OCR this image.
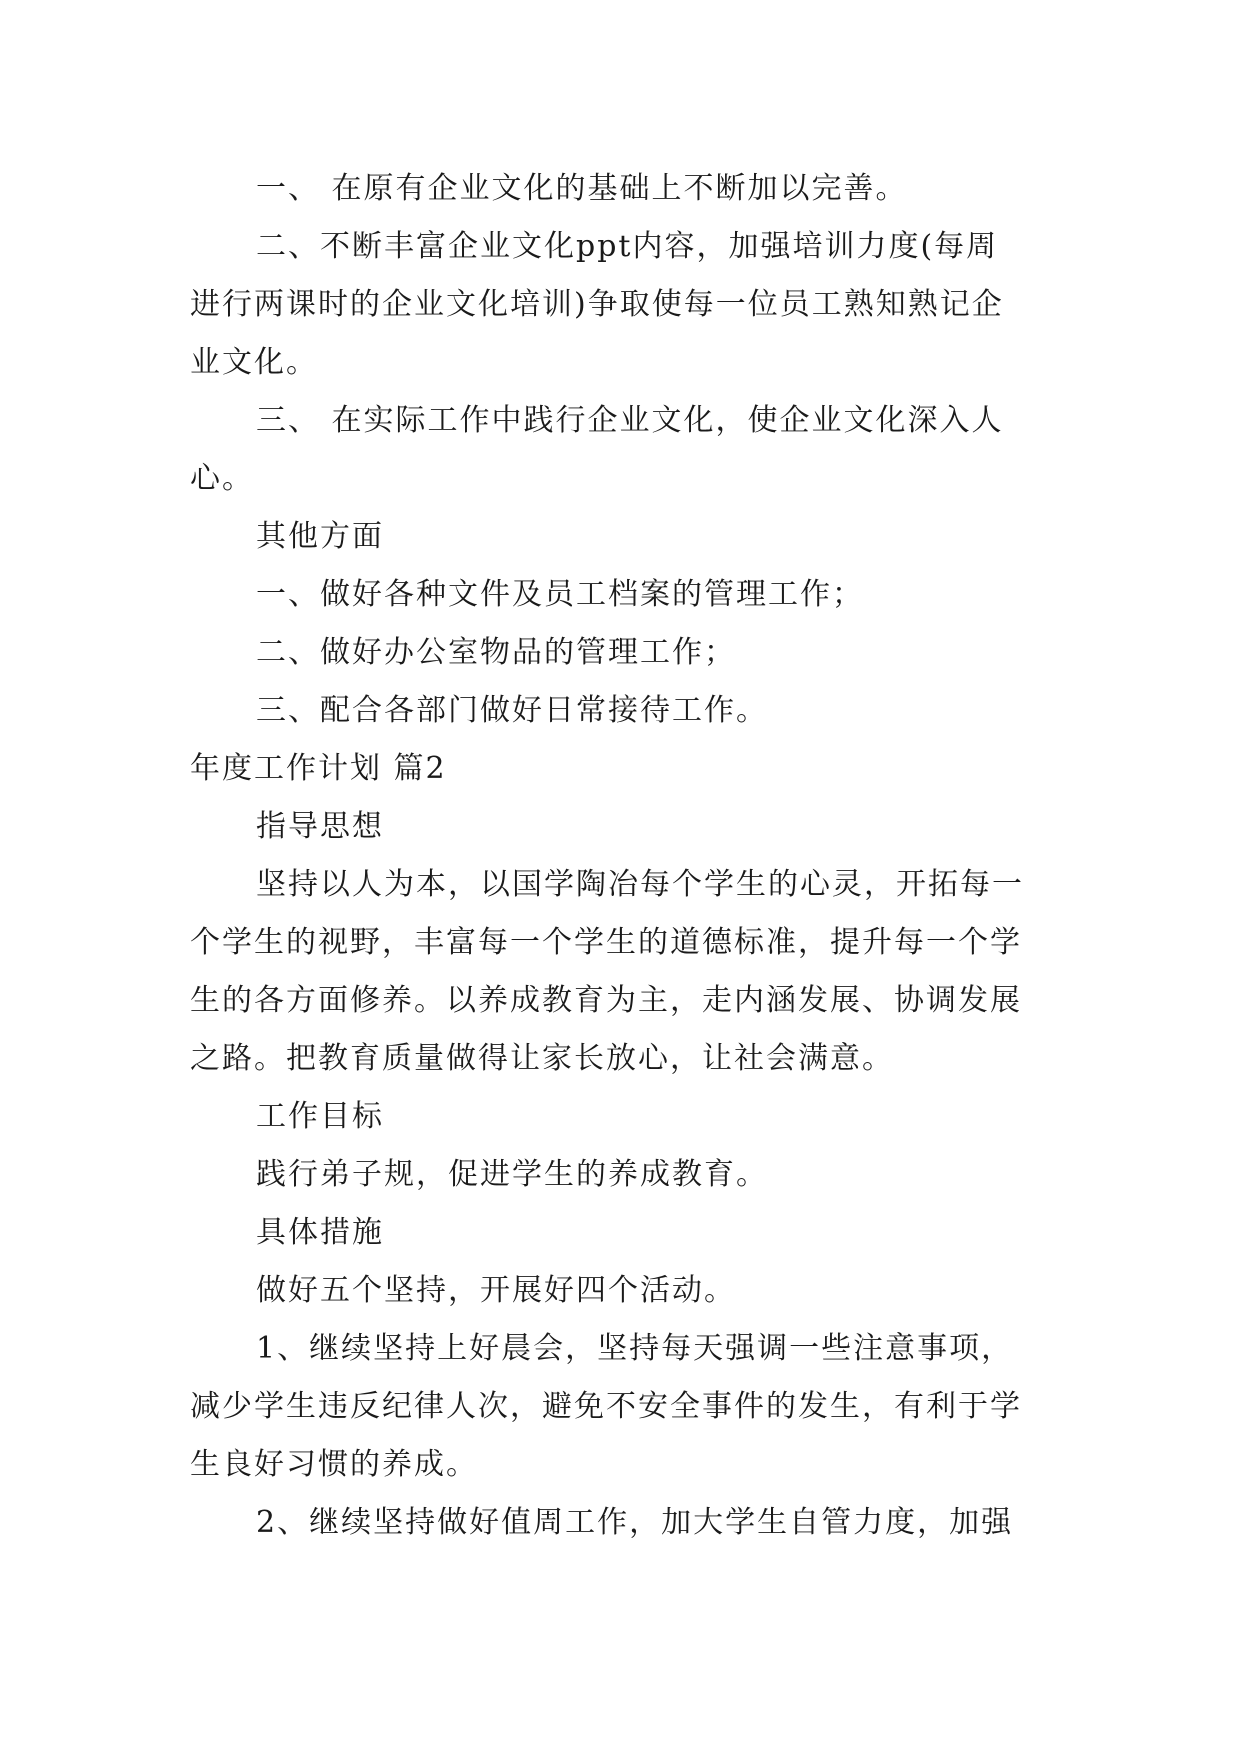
一、 在原有企业文化的基础上不断加以完善。
二、不断丰富企业文化ppt内容，加强培训力度(每周
进行两课时的企业文化培训)争取使每一位员工熟知熟记企
业文化。
三、 在实际工作中践行企业文化，使企业文化深入人
心。
其他方面
一、做好各种文件及员工档案的管理工作；
二、做好办公室物品的管理工作；
三、配合各部门做好日常接待工作。
年度工作计划 篇2
指导思想
坚持以人为本，以国学陶冶每个学生的心灵，开拓每一
个学生的视野，丰富每一个学生的道德标准，提升每一个学
生的各方面修养。以养成教育为主，走内涵发展、协调发展
之路。把教育质量做得让家长放心，让社会满意。
工作目标
践行弟子规，促进学生的养成教育。
具体措施
做好五个坚持，开展好四个活动。
1、继续坚持上好晨会，坚持每天强调一些注意事项，
减少学生违反纪律人次，避免不安全事件的发生，有利于学
生良好习惯的养成。
2、继续坚持做好值周工作，加大学生自管力度，加强
